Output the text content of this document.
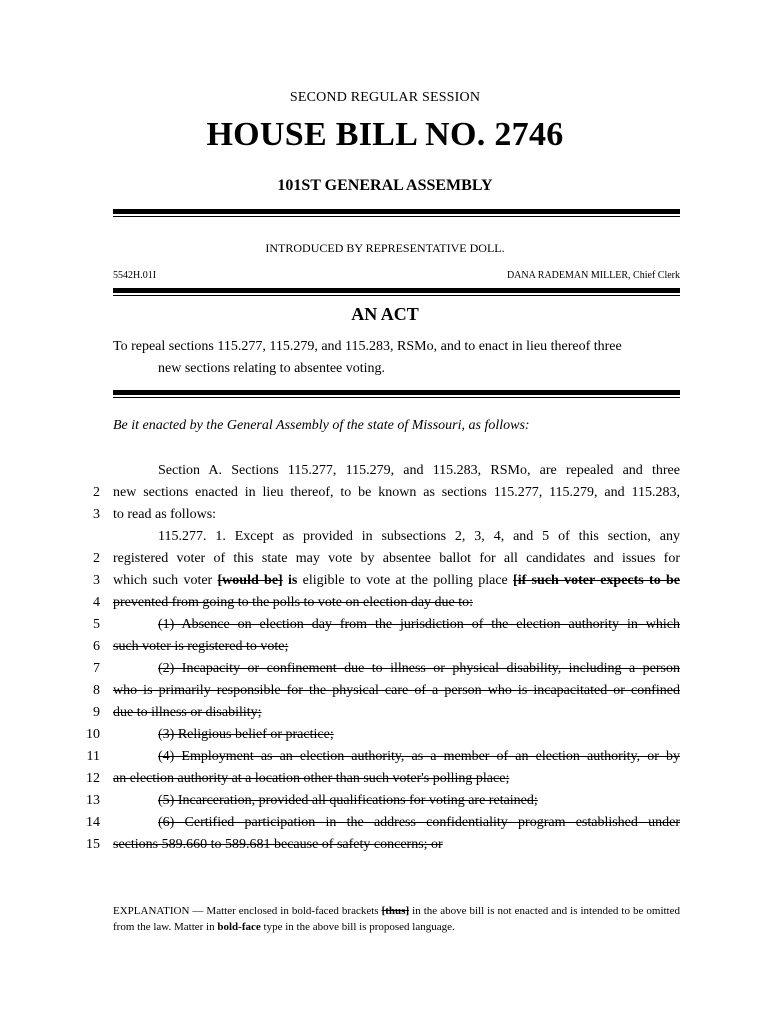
SECOND REGULAR SESSION
HOUSE BILL NO. 2746
101ST GENERAL ASSEMBLY
INTRODUCED BY REPRESENTATIVE DOLL.
5542H.01I	DANA RADEMAN MILLER, Chief Clerk
AN ACT
To repeal sections 115.277, 115.279, and 115.283, RSMo, and to enact in lieu thereof three
new sections relating to absentee voting.
Be it enacted by the General Assembly of the state of Missouri, as follows:
Section A. Sections 115.277, 115.279, and 115.283, RSMo, are repealed and three
2 new sections enacted in lieu thereof, to be known as sections 115.277, 115.279, and 115.283,
3 to read as follows:
115.277. 1. Except as provided in subsections 2, 3, 4, and 5 of this section, any
2 registered voter of this state may vote by absentee ballot for all candidates and issues for
3 which such voter [would be] is eligible to vote at the polling place [if such voter expects to be
4 prevented from going to the polls to vote on election day due to:
5	(1) Absence on election day from the jurisdiction of the election authority in which
6 such voter is registered to vote;
7	(2) Incapacity or confinement due to illness or physical disability, including a person
8 who is primarily responsible for the physical care of a person who is incapacitated or confined
9 due to illness or disability;
10	(3) Religious belief or practice;
11	(4) Employment as an election authority, as a member of an election authority, or by
12 an election authority at a location other than such voter's polling place;
13	(5) Incarceration, provided all qualifications for voting are retained;
14	(6) Certified participation in the address confidentiality program established under
15 sections 589.660 to 589.681 because of safety concerns; or
EXPLANATION — Matter enclosed in bold-faced brackets [thus] in the above bill is not enacted and is intended to be omitted from the law. Matter in bold-face type in the above bill is proposed language.
